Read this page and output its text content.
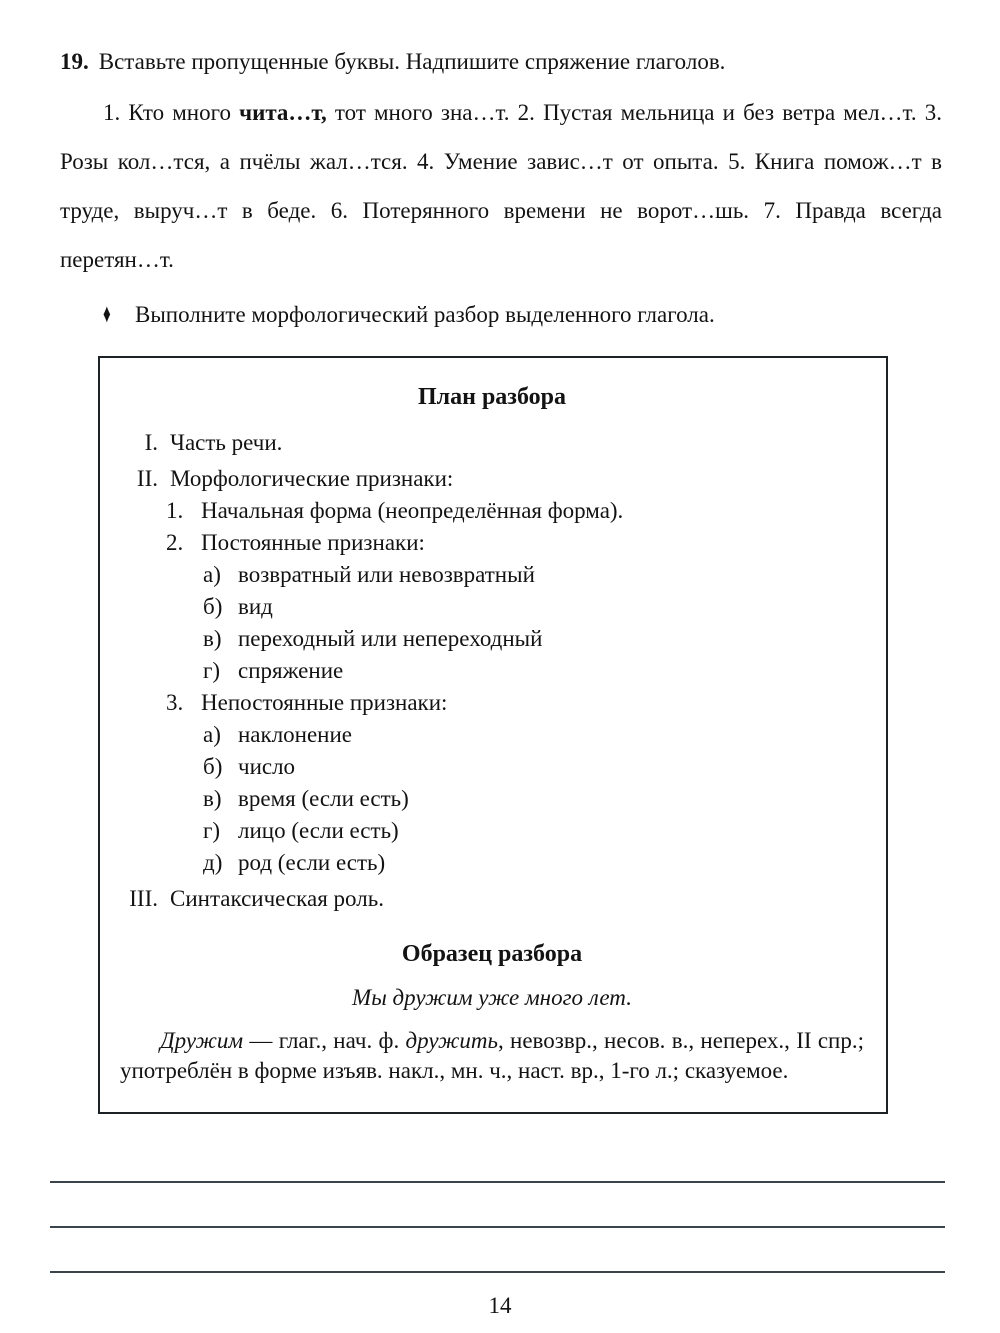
19. Вставьте пропущенные буквы. Надпишите спряжение глаголов.

1. Кто много чита…т, тот много зна…т. 2. Пустая мельница и без ветра мел…т. 3. Розы кол…тся, а пчёлы жал…тся. 4. Умение завис…т от опыта. 5. Книга помож…т в труде, выруч…т в беде. 6. Потерянного времени не ворот…шь. 7. Правда всегда перетян…т.

♦ Выполните морфологический разбор выделенного глагола.
План разбора
I. Часть речи.
II. Морфологические признаки:
1. Начальная форма (неопределённая форма).
2. Постоянные признаки:
а) возвратный или невозвратный
б) вид
в) переходный или непереходный
г) спряжение
3. Непостоянные признаки:
а) наклонение
б) число
в) время (если есть)
г) лицо (если есть)
д) род (если есть)
III. Синтаксическая роль.
Образец разбора
Мы дружим уже много лет.

Дружим — глаг., нач. ф. дружить, невозвр., несов. в., неперех., II спр.; употреблён в форме изъяв. накл., мн. ч., наст. вр., 1-го л.; сказуемое.

14
